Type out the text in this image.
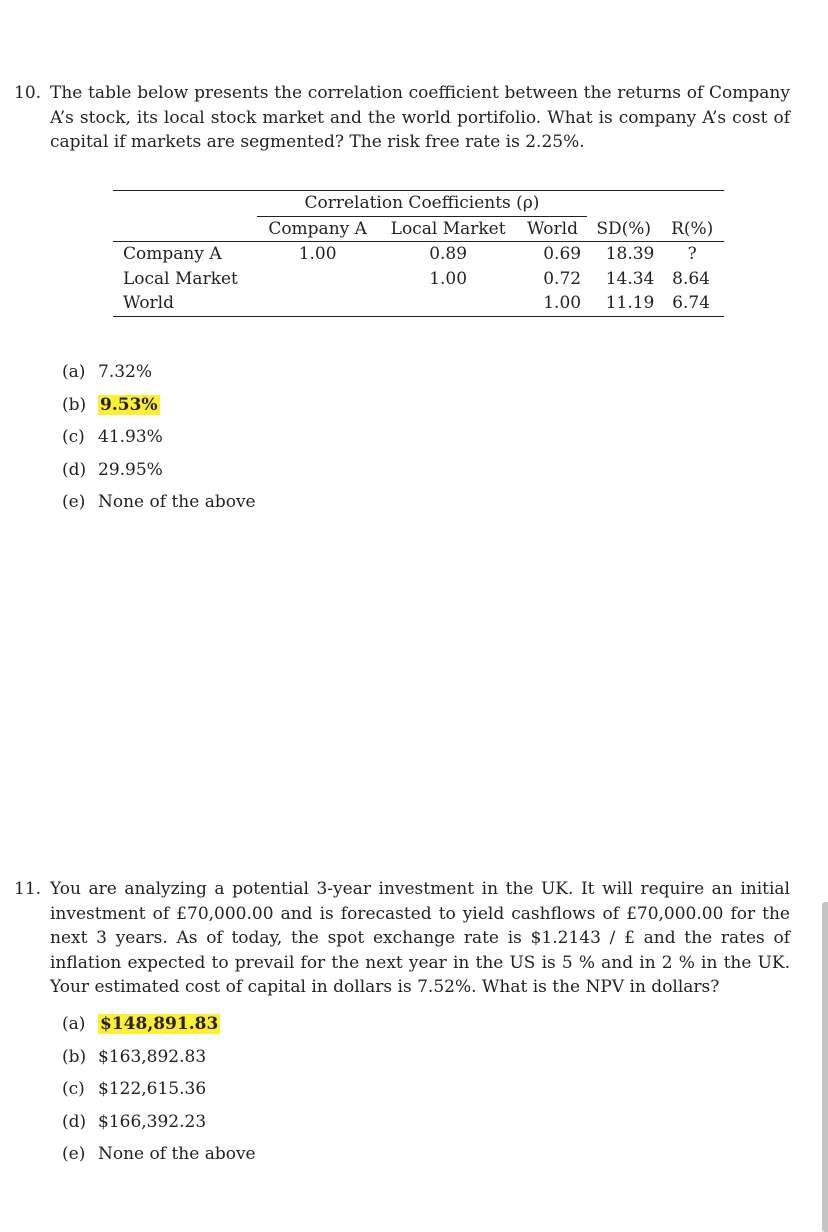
10. The table below presents the correlation coefficient between the returns of Company A’s stock, its local stock market and the world portifolio. What is company A’s cost of capital if markets are segmented? The risk free rate is 2.25%.
	Correlation Coefficients (ρ)				
	Company A	Local Market	World	SD(%)	R(%)
Company A	1.00	0.89	0.69	18.39	?
Local Market		1.00	0.72	14.34	8.64
World			1.00	11.19	6.74
(a) 7.32%
(b) 9.53%
(c) 41.93%
(d) 29.95%
(e) None of the above
11. You are analyzing a potential 3-year investment in the UK. It will require an initial investment of £70,000.00 and is forecasted to yield cashflows of £70,000.00 for the next 3 years. As of today, the spot exchange rate is $1.2143 / £ and the rates of inflation expected to prevail for the next year in the US is 5 % and in 2 % in the UK. Your estimated cost of capital in dollars is 7.52%. What is the NPV in dollars?
(a) $148,891.83
(b) $163,892.83
(c) $122,615.36
(d) $166,392.23
(e) None of the above
